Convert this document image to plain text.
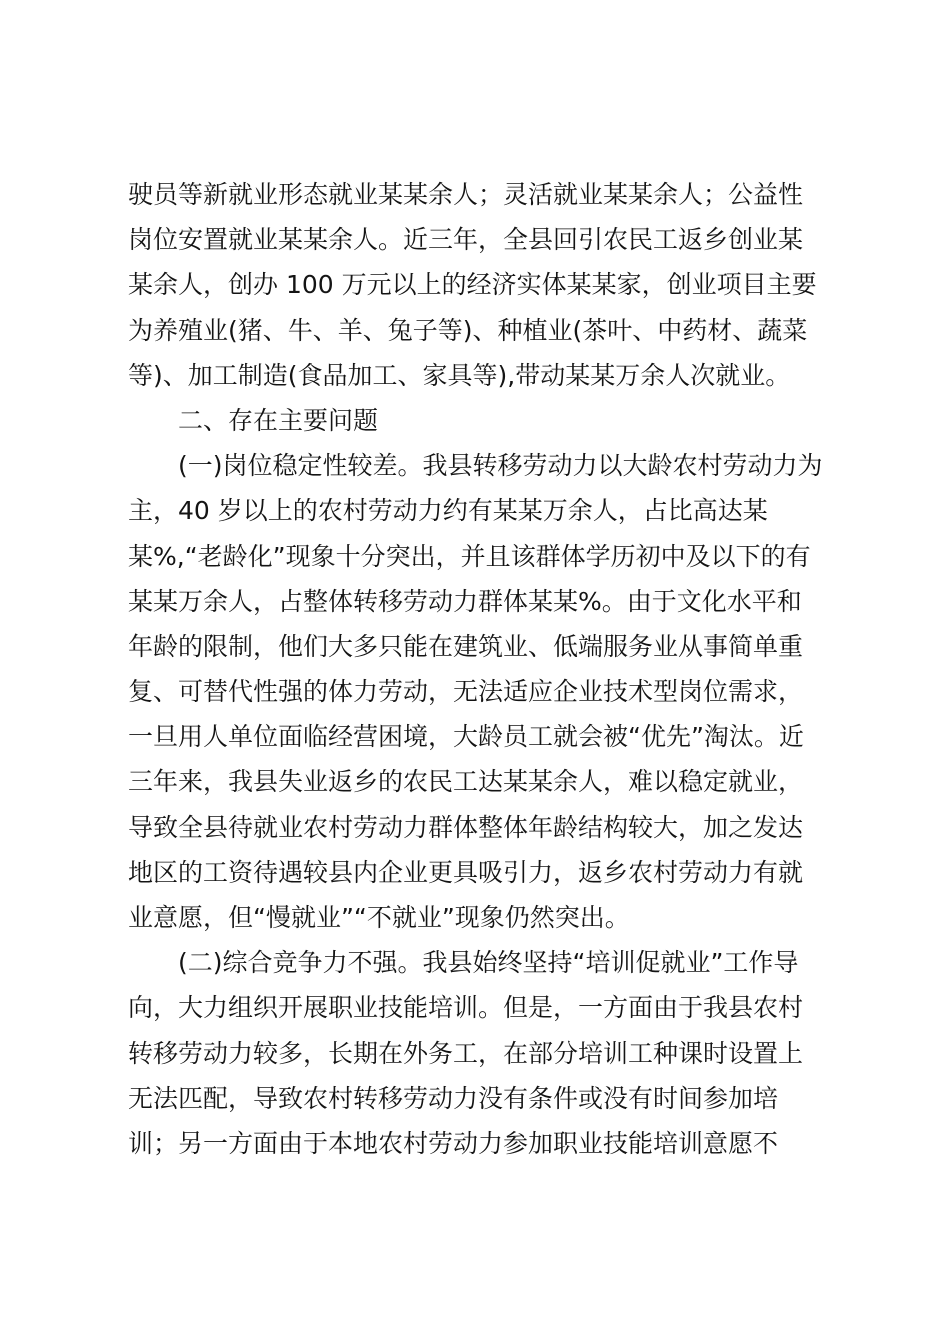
驶员等新就业形态就业某某余人；灵活就业某某余人；公益性
岗位安置就业某某余人。近三年，全县回引农民工返乡创业某
某余人，创办 100 万元以上的经济实体某某家，创业项目主要
为养殖业(猪、牛、羊、兔子等)、种植业(茶叶、中药材、蔬菜
等)、加工制造(食品加工、家具等),带动某某万余人次就业。
二、存在主要问题
(一)岗位稳定性较差。我县转移劳动力以大龄农村劳动力为
主，40 岁以上的农村劳动力约有某某万余人，占比高达某
某%,“老龄化”现象十分突出，并且该群体学历初中及以下的有
某某万余人，占整体转移劳动力群体某某%。由于文化水平和
年龄的限制，他们大多只能在建筑业、低端服务业从事简单重
复、可替代性强的体力劳动，无法适应企业技术型岗位需求，
一旦用人单位面临经营困境，大龄员工就会被“优先”淘汰。近
三年来，我县失业返乡的农民工达某某余人，难以稳定就业，
导致全县待就业农村劳动力群体整体年龄结构较大，加之发达
地区的工资待遇较县内企业更具吸引力，返乡农村劳动力有就
业意愿，但“慢就业”“不就业”现象仍然突出。
(二)综合竞争力不强。我县始终坚持“培训促就业”工作导
向，大力组织开展职业技能培训。但是，一方面由于我县农村
转移劳动力较多，长期在外务工，在部分培训工种课时设置上
无法匹配，导致农村转移劳动力没有条件或没有时间参加培
训；另一方面由于本地农村劳动力参加职业技能培训意愿不
